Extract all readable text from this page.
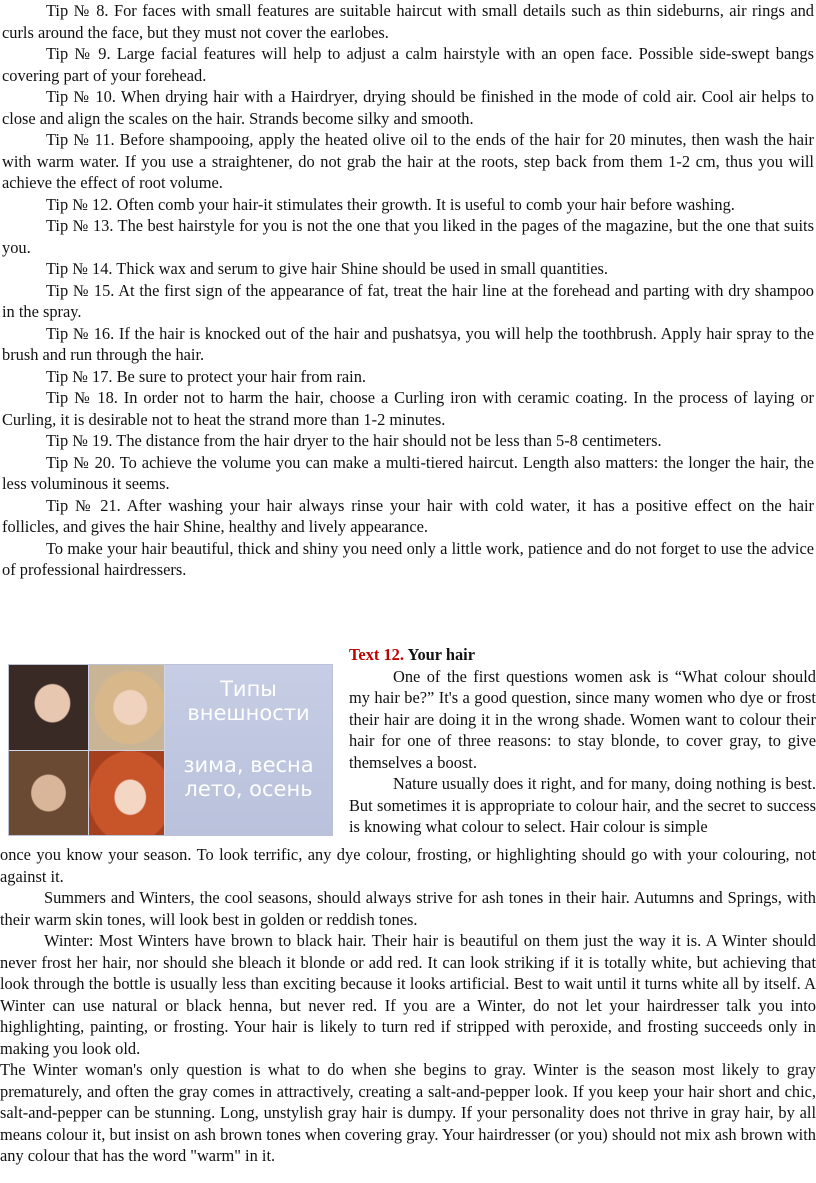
Tip № 8. For faces with small features are suitable haircut with small details such as thin sideburns, air rings and curls around the face, but they must not cover the earlobes.

Tip № 9. Large facial features will help to adjust a calm hairstyle with an open face. Possible side-swept bangs covering part of your forehead.

Tip № 10. When drying hair with a Hairdryer, drying should be finished in the mode of cold air. Cool air helps to close and align the scales on the hair. Strands become silky and smooth.

Tip № 11. Before shampooing, apply the heated olive oil to the ends of the hair for 20 minutes, then wash the hair with warm water. If you use a straightener, do not grab the hair at the roots, step back from them 1-2 cm, thus you will achieve the effect of root volume.

Tip № 12. Often comb your hair-it stimulates their growth. It is useful to comb your hair before washing.

Tip № 13. The best hairstyle for you is not the one that you liked in the pages of the magazine, but the one that suits you.

Tip № 14. Thick wax and serum to give hair Shine should be used in small quantities.

Tip № 15. At the first sign of the appearance of fat, treat the hair line at the forehead and parting with dry shampoo in the spray.

Tip № 16. If the hair is knocked out of the hair and pushatsya, you will help the toothbrush. Apply hair spray to the brush and run through the hair.

Tip № 17. Be sure to protect your hair from rain.

Tip № 18. In order not to harm the hair, choose a Curling iron with ceramic coating. In the process of laying or Curling, it is desirable not to heat the strand more than 1-2 minutes.

Tip № 19. The distance from the hair dryer to the hair should not be less than 5-8 centimeters.

Tip № 20. To achieve the volume you can make a multi-tiered haircut. Length also matters: the longer the hair, the less voluminous it seems.

Tip № 21. After washing your hair always rinse your hair with cold water, it has a positive effect on the hair follicles, and gives the hair Shine, healthy and lively appearance.

To make your hair beautiful, thick and shiny you need only a little work, patience and do not forget to use the advice of professional hairdressers.

Типы
внешности
зима, весна
лето, осень

Text 12. Your hair

One of the first questions women ask is “What colour should my hair be?” It's a good question, since many women who dye or frost their hair are doing it in the wrong shade. Women want to colour their hair for one of three reasons: to stay blonde, to cover gray, to give themselves a boost.

Nature usually does it right, and for many, doing nothing is best. But sometimes it is appropriate to colour hair, and the secret to success is knowing what colour to select. Hair colour is simple

once you know your season. To look terrific, any dye colour, frosting, or highlighting should go with your colouring, not against it.

Summers and Winters, the cool seasons, should always strive for ash tones in their hair. Autumns and Springs, with their warm skin tones, will look best in golden or reddish tones.

Winter: Most Winters have brown to black hair. Their hair is beautiful on them just the way it is. A Winter should never frost her hair, nor should she bleach it blonde or add red. It can look striking if it is totally white, but achieving that look through the bottle is usually less than exciting because it looks artificial. Best to wait until it turns white all by itself. A Winter can use natural or black henna, but never red. If you are a Winter, do not let your hairdresser talk you into highlighting, painting, or frosting. Your hair is likely to turn red if stripped with peroxide, and frosting succeeds only in making you look old.

The Winter woman's only question is what to do when she begins to gray. Winter is the season most likely to gray prematurely, and often the gray comes in attractively, creating a salt-and-pepper look. If you keep your hair short and chic, salt-and-pepper can be stunning. Long, unstylish gray hair is dumpy. If your personality does not thrive in gray hair, by all means colour it, but insist on ash brown tones when covering gray. Your hairdresser (or you) should not mix ash brown with any colour that has the word "warm" in it.
